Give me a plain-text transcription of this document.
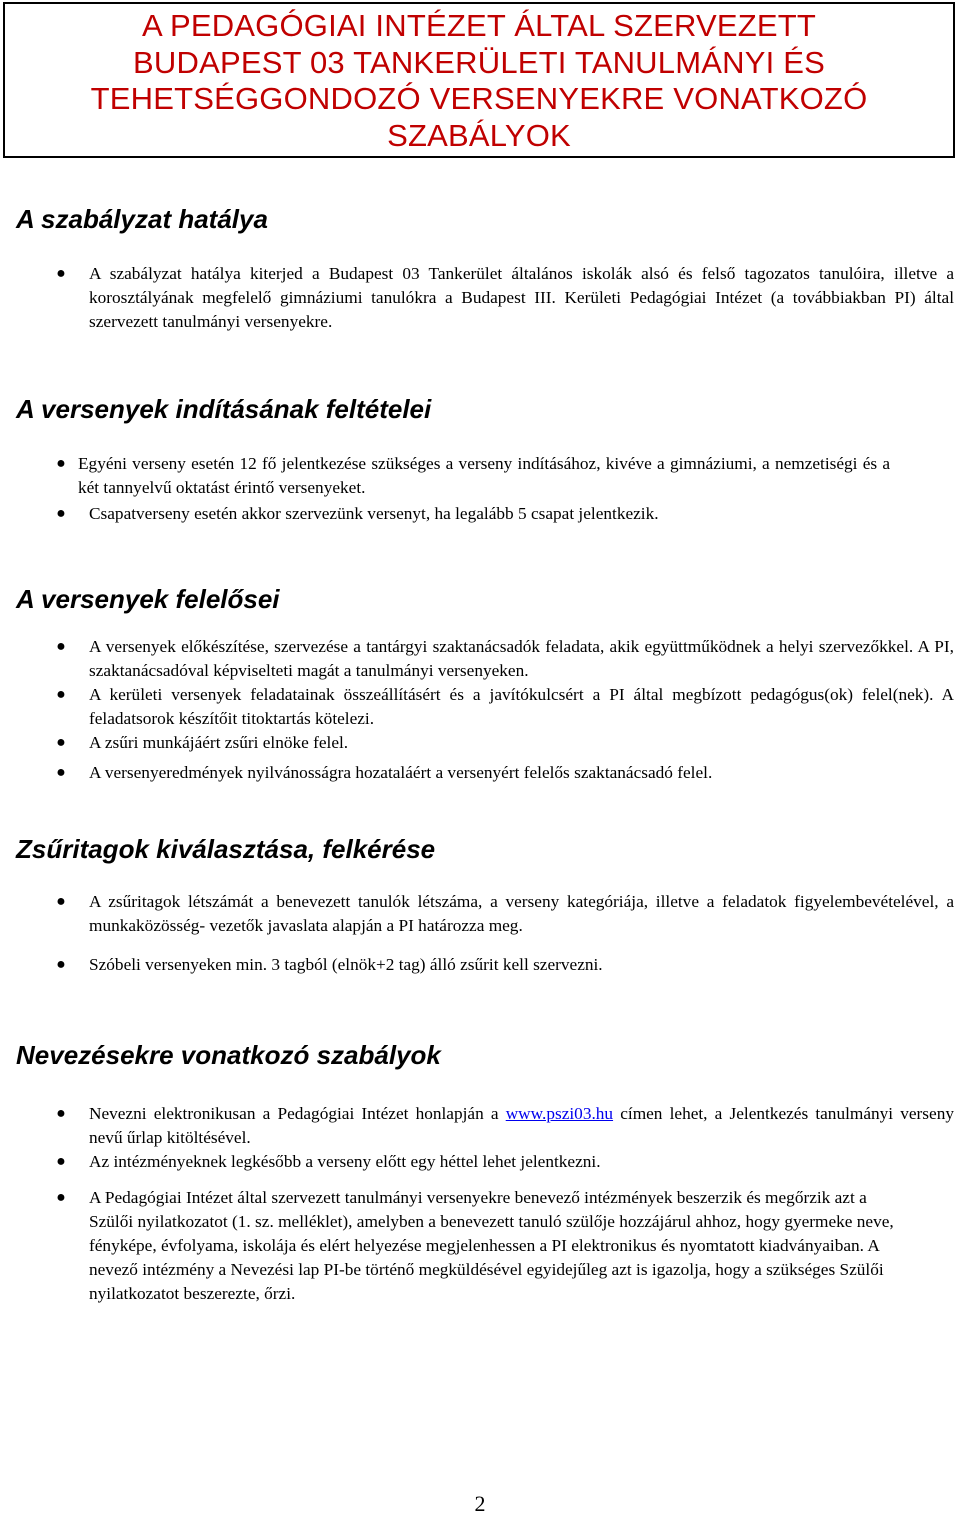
A PEDAGÓGIAI INTÉZET ÁLTAL SZERVEZETT
BUDAPEST 03 TANKERÜLETI TANULMÁNYI ÉS
TEHETSÉGGONDOZÓ VERSENYEKRE VONATKOZÓ
SZABÁLYOK
A szabályzat hatálya
● A szabályzat hatálya kiterjed a Budapest 03 Tankerület általános iskolák alsó és felső tagozatos tanulóira, illetve a korosztályának megfelelő gimnáziumi tanulókra a Budapest III. Kerületi Pedagógiai Intézet (a továbbiakban PI) által szervezett tanulmányi versenyekre.
A versenyek indításának feltételei
● Egyéni verseny esetén 12 fő jelentkezése szükséges a verseny indításához, kivéve a gimnáziumi, a nemzetiségi és a két tannyelvű oktatást érintő versenyeket.
● Csapatverseny esetén akkor szervezünk versenyt, ha legalább 5 csapat jelentkezik.
A versenyek felelősei
● A versenyek előkészítése, szervezése a tantárgyi szaktanácsadók feladata, akik együttműködnek a helyi szervezőkkel. A PI, szaktanácsadóval képviselteti magát a tanulmányi versenyeken.
● A kerületi versenyek feladatainak összeállításért és a javítókulcsért a PI által megbízott pedagógus(ok) felel(nek). A feladatsorok készítőit titoktartás kötelezi.
● A zsűri munkájáért zsűri elnöke felel.
● A versenyeredmények nyilvánosságra hozataláért a versenyért felelős szaktanácsadó felel.
Zsűritagok kiválasztása, felkérése
● A zsűritagok létszámát a benevezett tanulók létszáma, a verseny kategóriája, illetve a feladatok figyelembevételével, a munkaközösség- vezetők javaslata alapján a PI határozza meg.
● Szóbeli versenyeken min. 3 tagból (elnök+2 tag) álló zsűrit kell szervezni.
Nevezésekre vonatkozó szabályok
● Nevezni elektronikusan a Pedagógiai Intézet honlapján a www.pszi03.hu címen lehet, a Jelentkezés tanulmányi verseny nevű űrlap kitöltésével.
● Az intézményeknek legkésőbb a verseny előtt egy héttel lehet jelentkezni.
● A Pedagógiai Intézet által szervezett tanulmányi versenyekre benevező intézmények beszerzik és megőrzik azt a Szülői nyilatkozatot (1. sz. melléklet), amelyben a benevezett tanuló szülője hozzájárul ahhoz, hogy gyermeke neve, fényképe, évfolyama, iskolája és elért helyezése megjelenhessen a PI elektronikus és nyomtatott kiadványaiban. A nevező intézmény a Nevezési lap PI-be történő megküldésével egyidejűleg azt is igazolja, hogy a szükséges Szülői nyilatkozatot beszerezte, őrzi.
2
